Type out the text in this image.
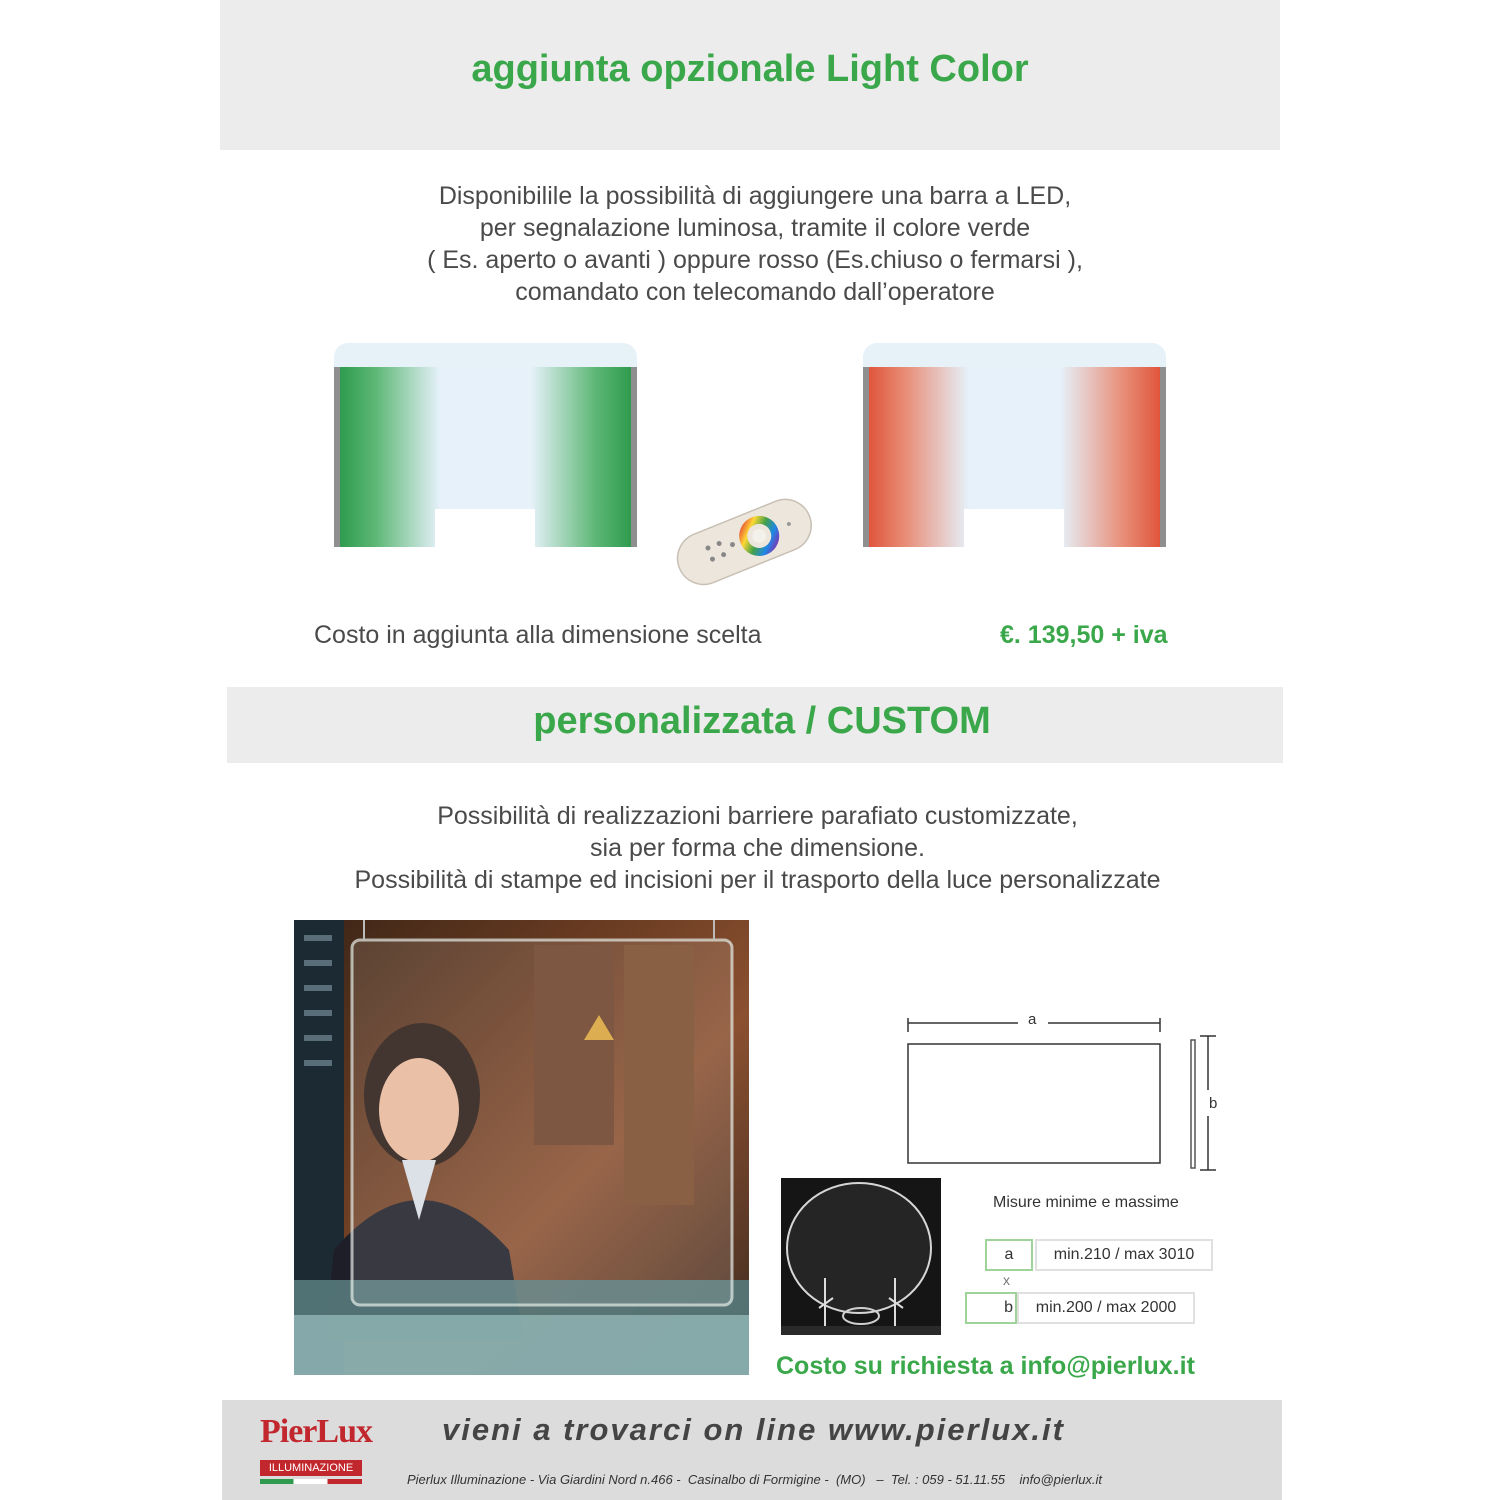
aggiunta opzionale Light Color
Disponibilile la possibilità di aggiungere una barra a LED,
per segnalazione luminosa, tramite il colore verde
( Es. aperto o avanti ) oppure rosso (Es.chiuso o fermarsi ),
comandato con telecomando dall’operatore
Costo in aggiunta alla dimensione scelta	€. 139,50 + iva
personalizzata / CUSTOM
Possibilità di realizzazioni barriere parafiato customizzate,
sia per forma che dimensione.
Possibilità di stampe ed incisioni per il trasporto della luce personalizzate
a
b
Misure minime e massime
a	min.210 / max 3010
x
b	min.200 / max 2000
Costo su richiesta a info@pierlux.it
PierLux
ILLUMINAZIONE
vieni a trovarci on line www.pierlux.it
Pierlux Illuminazione - Via Giardini Nord n.466 -  Casinalbo di Formigine -  (MO)   –  Tel. : 059 - 51.11.55    info@pierlux.it
